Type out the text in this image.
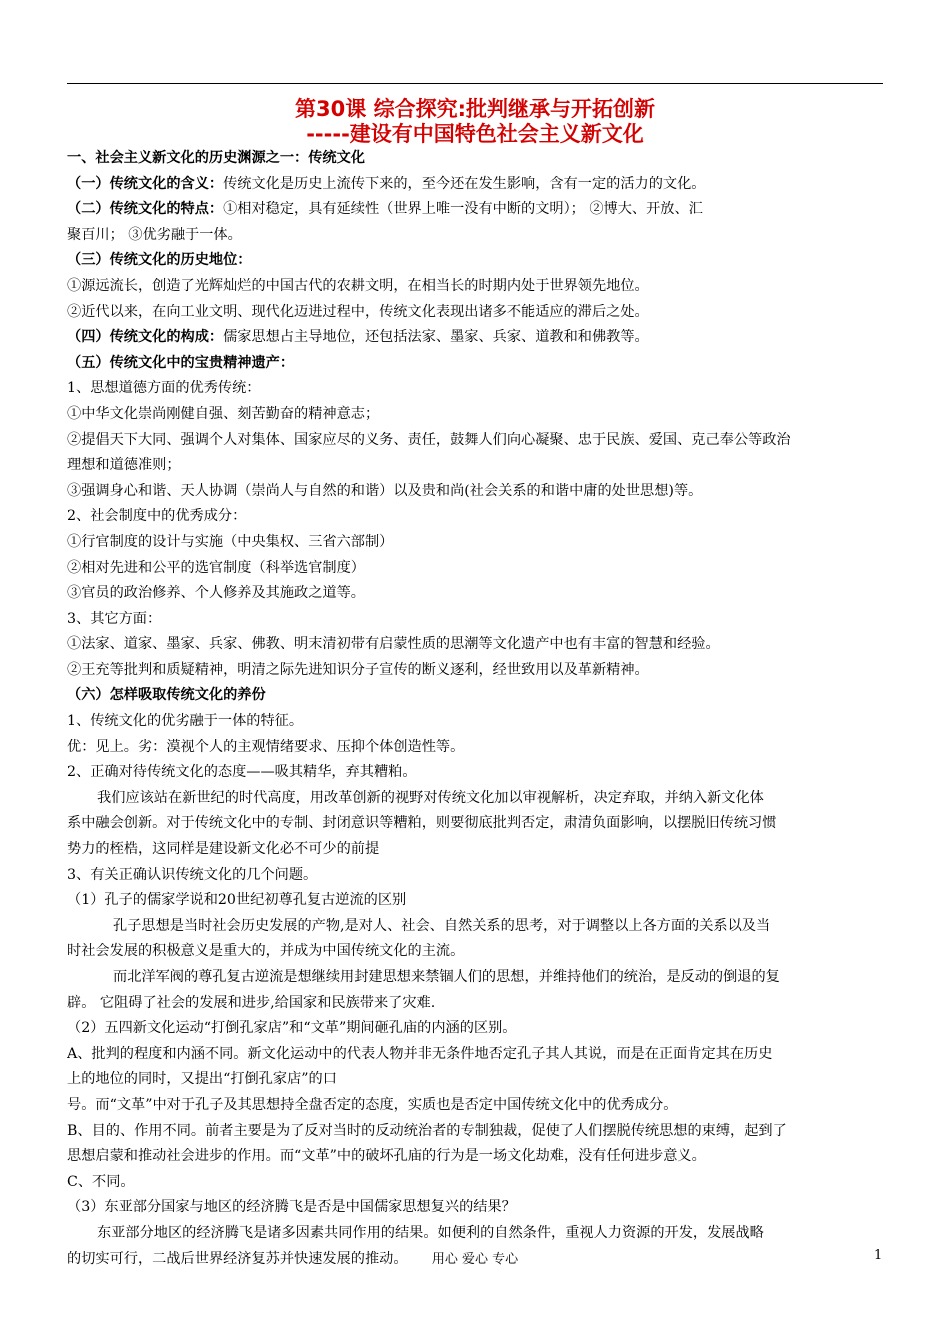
第30课 综合探究:批判继承与开拓创新
-----建设有中国特色社会主义新文化

一、社会主义新文化的历史渊源之一：传统文化

（一）传统文化的含义：传统文化是历史上流传下来的，至今还在发生影响，含有一定的活力的文化。

（二）传统文化的特点：①相对稳定，具有延续性（世界上唯一没有中断的文明）； ②博大、开放、汇

聚百川； ③优劣融于一体。

（三）传统文化的历史地位：

①源远流长，创造了光辉灿烂的中国古代的农耕文明，在相当长的时期内处于世界领先地位。

②近代以来，在向工业文明、现代化迈进过程中，传统文化表现出诸多不能适应的滞后之处。

（四）传统文化的构成：儒家思想占主导地位，还包括法家、墨家、兵家、道教和和佛教等。

（五）传统文化中的宝贵精神遗产：

1、思想道德方面的优秀传统：

①中华文化崇尚刚健自强、刻苦勤奋的精神意志；

②提倡天下大同、强调个人对集体、国家应尽的义务、责任，鼓舞人们向心凝聚、忠于民族、爱国、克己奉公等政治

理想和道德准则；

③强调身心和谐、天人协调（崇尚人与自然的和谐）以及贵和尚(社会关系的和谐中庸的处世思想)等。

2、社会制度中的优秀成分：

①行官制度的设计与实施（中央集权、三省六部制）

②相对先进和公平的选官制度（科举选官制度）

③官员的政治修养、个人修养及其施政之道等。

3、其它方面：

①法家、道家、墨家、兵家、佛教、明末清初带有启蒙性质的思潮等文化遗产中也有丰富的智慧和经验。

②王充等批判和质疑精神，明清之际先进知识分子宣传的断义逐利，经世致用以及革新精神。

（六）怎样吸取传统文化的养份

1、传统文化的优劣融于一体的特征。

优：见上。劣：漠视个人的主观情绪要求、压抑个体创造性等。

2、正确对待传统文化的态度——吸其精华，弃其糟粕。

我们应该站在新世纪的时代高度，用改革创新的视野对传统文化加以审视解析，决定弃取，并纳入新文化体

系中融会创新。对于传统文化中的专制、封闭意识等糟粕，则要彻底批判否定，肃清负面影响，以摆脱旧传统习惯

势力的桎梏，这同样是建设新文化必不可少的前提

3、有关正确认识传统文化的几个问题。

（1）孔子的儒家学说和20世纪初尊孔复古逆流的区别

孔子思想是当时社会历史发展的产物,是对人、社会、自然关系的思考，对于调整以上各方面的关系以及当

时社会发展的积极意义是重大的，并成为中国传统文化的主流。

而北洋军阀的尊孔复古逆流是想继续用封建思想来禁锢人们的思想，并维持他们的统治，是反动的倒退的复

辟。 它阻碍了社会的发展和进步,给国家和民族带来了灾难.

（2）五四新文化运动“打倒孔家店”和“文革”期间砸孔庙的内涵的区别。

A、批判的程度和内涵不同。新文化运动中的代表人物并非无条件地否定孔子其人其说，而是在正面肯定其在历史

上的地位的同时，又提出“打倒孔家店”的口

号。而“文革”中对于孔子及其思想持全盘否定的态度，实质也是否定中国传统文化中的优秀成分。

B、目的、作用不同。前者主要是为了反对当时的反动统治者的专制独裁，促使了人们摆脱传统思想的束缚，起到了

思想启蒙和推动社会进步的作用。而“文革”中的破坏孔庙的行为是一场文化劫难，没有任何进步意义。

C、不同。

（3）东亚部分国家与地区的经济腾飞是否是中国儒家思想复兴的结果？

东亚部分地区的经济腾飞是诸多因素共同作用的结果。如便利的自然条件，重视人力资源的开发，发展战略

的切实可行，二战后世界经济复苏并快速发展的推动。	用心 爱心 专心	1
